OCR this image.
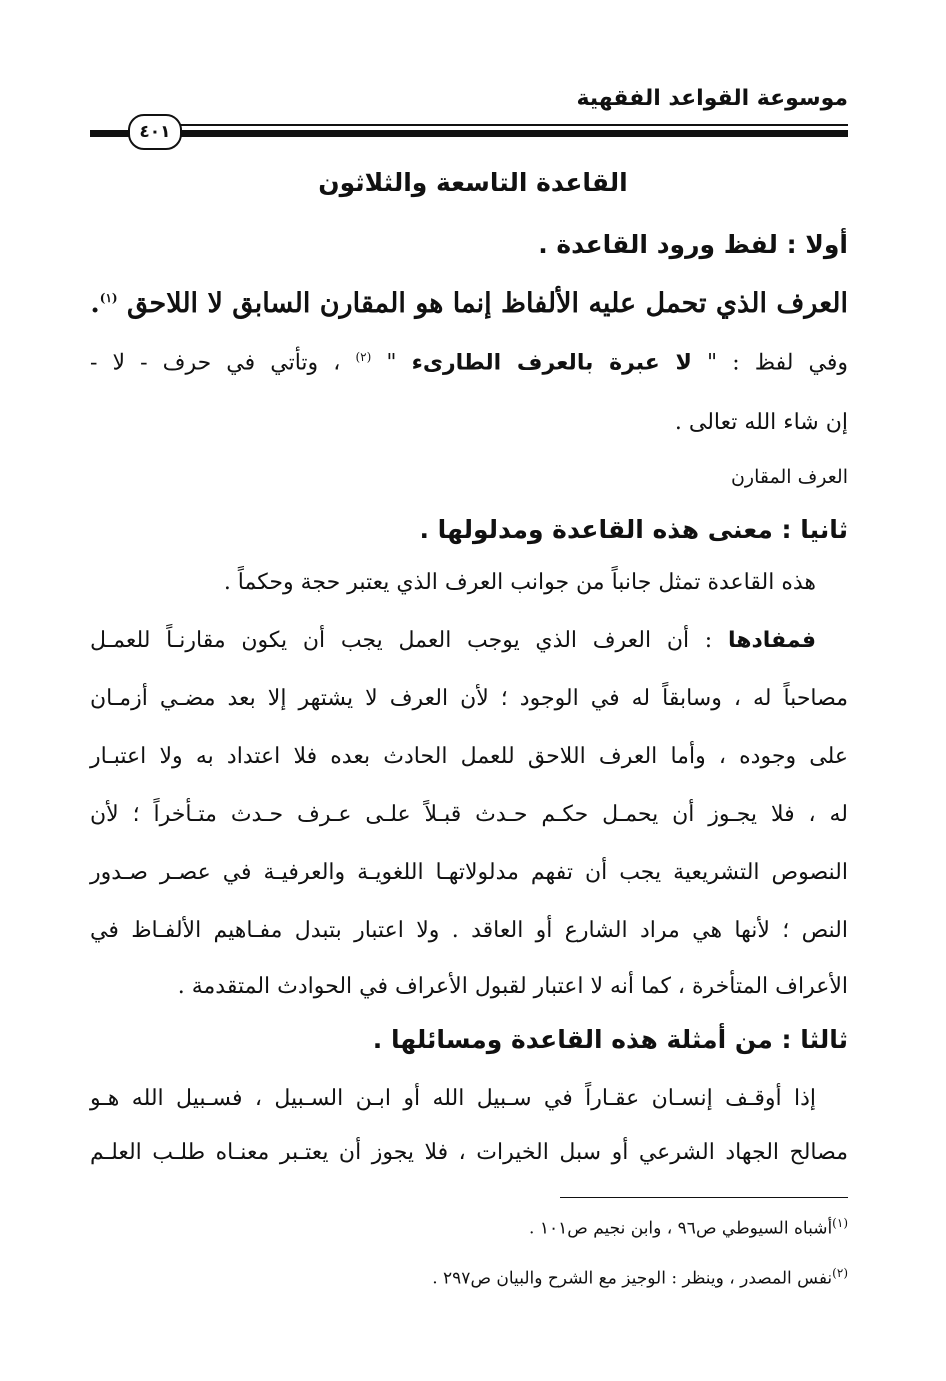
موسوعة القواعد الفقهية
٤٠١
القاعدة التاسعة والثلاثون
أولا : لفظ ورود القاعدة .
العرف الذي تحمل عليه الألفاظ إنما هو المقارن السابق لا اللاحق $^{(١)}$.
وفي لفظ : " لا عبرة بالعرف الطارىء " $^{(٢)}$ ، وتأتي في حرف - لا -
إن شاء الله تعالى .
العرف المقارن
ثانيا : معنى هذه القاعدة ومدلولها .
هذه القاعدة تمثل جانباً من جوانب العرف الذي يعتبر حجة وحكماً .
فمفادها : أن العرف الذي يوجب العمل يجب أن يكون مقارنـاً للعمـل
مصاحباً له ، وسابقاً له في الوجود ؛ لأن العرف لا يشتهر إلا بعد مضـي أزمـان
على وجوده ، وأما العرف اللاحق للعمل الحادث بعده فلا اعتداد به ولا اعتبـار
له ، فلا يجـوز أن يحمـل حكـم حـدث قبـلاً علـى عـرف حـدث متـأخراً ؛ لأن
النصوص التشريعية يجب أن تفهم مدلولاتهـا اللغويـة والعرفيـة في عصـر صـدور
النص ؛ لأنها هي مراد الشارع أو العاقد . ولا اعتبار بتبدل مفـاهيم الألفـاظ في
الأعراف المتأخرة ، كما أنه لا اعتبار لقبول الأعراف في الحوادث المتقدمة .
ثالثا : من أمثلة هذه القاعدة ومسائلها .
إذا أوقـف إنسـان عقـاراً في سـبيل الله أو ابـن السـبيل ، فسـبيل الله هـو
مصالح الجهاد الشرعي أو سبل الخيرات ، فلا يجوز أن يعتـبر معنـاه طلـب العلـم
$^{(١)}$أشباه السيوطي ص٩٦ ، وابن نجيم ص١٠١ .
$^{(٢)}$نفس المصدر ، وينظر : الوجيز مع الشرح والبيان ص٢٩٧ .
